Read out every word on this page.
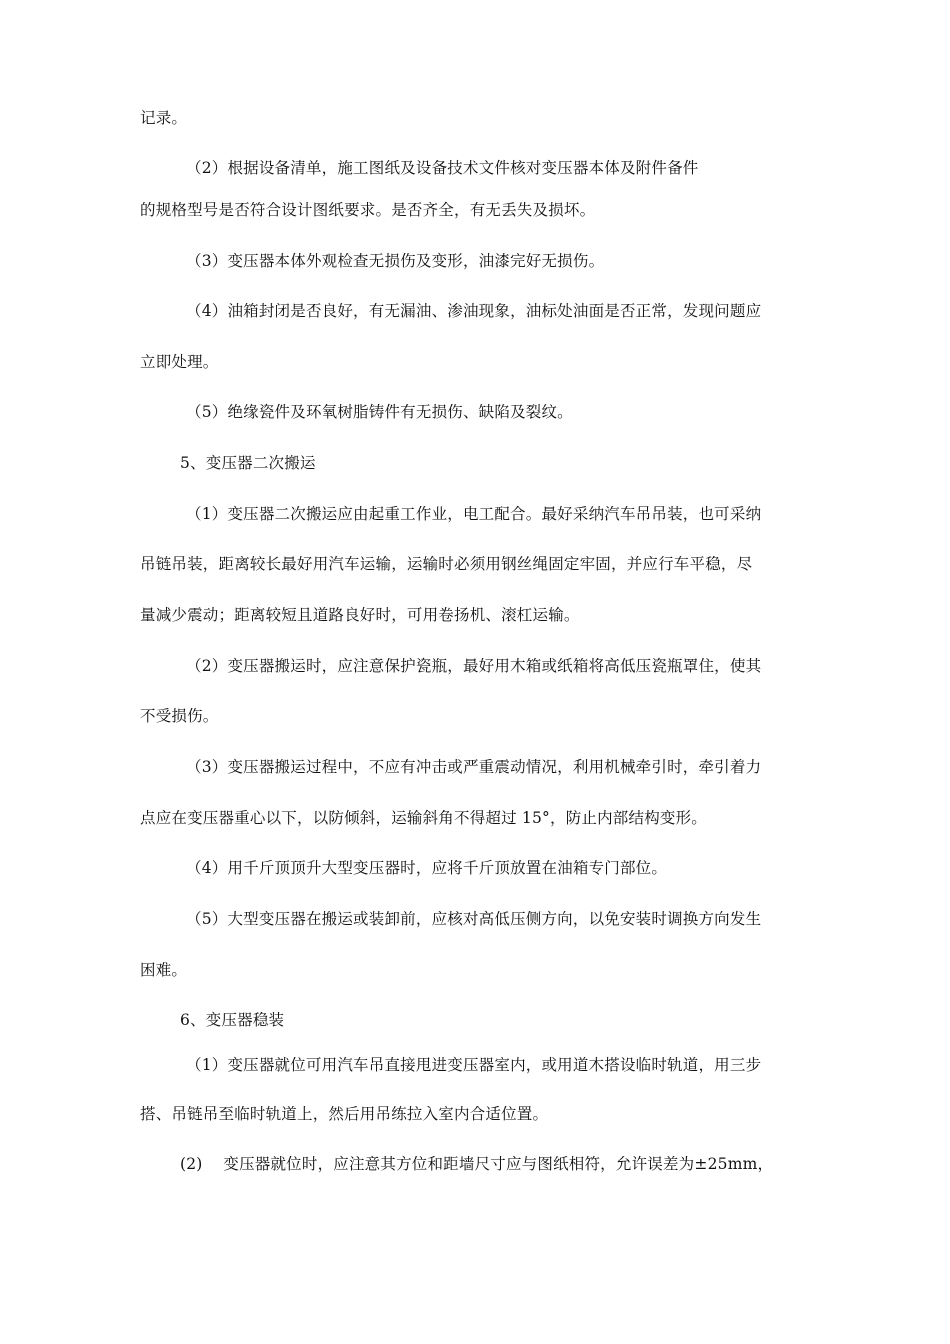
记录。
（2）根据设备清单，施工图纸及设备技术文件核对变压器本体及附件备件
的规格型号是否符合设计图纸要求。是否齐全，有无丢失及损坏。
（3）变压器本体外观检查无损伤及变形，油漆完好无损伤。
（4）油箱封闭是否良好，有无漏油、渗油现象，油标处油面是否正常，发现问题应
立即处理。
（5）绝缘瓷件及环氧树脂铸件有无损伤、缺陷及裂纹。
5、变压器二次搬运
（1）变压器二次搬运应由起重工作业，电工配合。最好采纳汽车吊吊装，也可采纳
吊链吊装，距离较长最好用汽车运输，运输时必须用钢丝绳固定牢固，并应行车平稳，尽
量减少震动；距离较短且道路良好时，可用卷扬机、滚杠运输。
（2）变压器搬运时，应注意保护瓷瓶，最好用木箱或纸箱将高低压瓷瓶罩住，使其
不受损伤。
（3）变压器搬运过程中，不应有冲击或严重震动情况，利用机械牵引时，牵引着力
点应在变压器重心以下，以防倾斜，运输斜角不得超过 15°，防止内部结构变形。
（4）用千斤顶顶升大型变压器时，应将千斤顶放置在油箱专门部位。
（5）大型变压器在搬运或装卸前，应核对高低压侧方向，以免安装时调换方向发生
困难。
6、变压器稳装
（1）变压器就位可用汽车吊直接甩进变压器室内，或用道木搭设临时轨道，用三步
搭、吊链吊至临时轨道上，然后用吊练拉入室内合适位置。
(2)　 变压器就位时，应注意其方位和距墙尺寸应与图纸相符，允许误差为±25mm，
